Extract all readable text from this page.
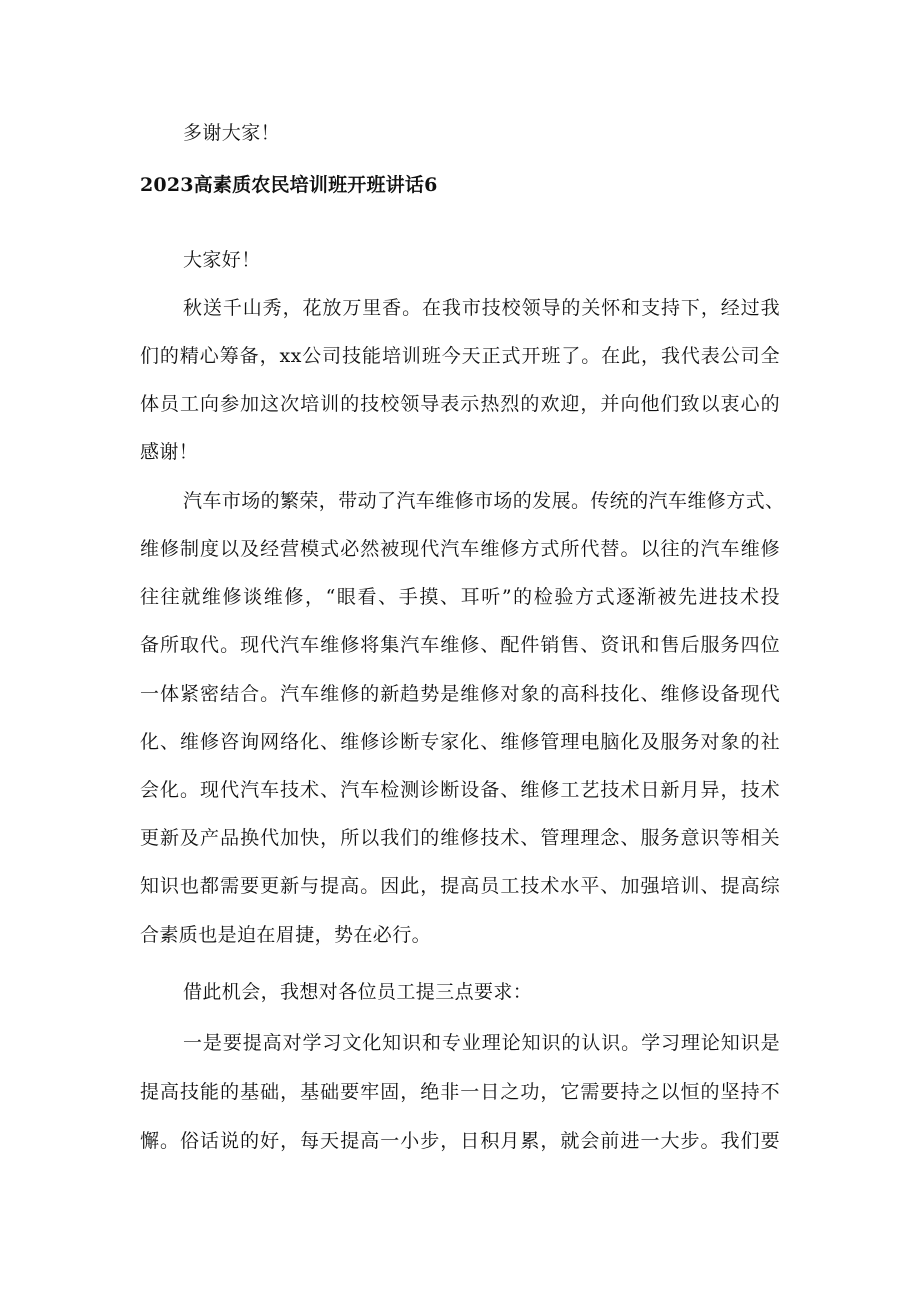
多谢大家！
2023高素质农民培训班开班讲话6
大家好！
秋送千山秀，花放万里香。在我市技校领导的关怀和支持下，经过我
们的精心筹备，xx公司技能培训班今天正式开班了。在此，我代表公司全
体员工向参加这次培训的技校领导表示热烈的欢迎，并向他们致以衷心的
感谢！
汽车市场的繁荣，带动了汽车维修市场的发展。传统的汽车维修方式、
维修制度以及经营模式必然被现代汽车维修方式所代替。以往的汽车维修
往往就维修谈维修，“眼看、手摸、耳听”的检验方式逐渐被先进技术投
备所取代。现代汽车维修将集汽车维修、配件销售、资讯和售后服务四位
一体紧密结合。汽车维修的新趋势是维修对象的高科技化、维修设备现代
化、维修咨询网络化、维修诊断专家化、维修管理电脑化及服务对象的社
会化。现代汽车技术、汽车检测诊断设备、维修工艺技术日新月异，技术
更新及产品换代加快，所以我们的维修技术、管理理念、服务意识等相关
知识也都需要更新与提高。因此，提高员工技术水平、加强培训、提高综
合素质也是迫在眉捷，势在必行。
借此机会，我想对各位员工提三点要求：
一是要提高对学习文化知识和专业理论知识的认识。学习理论知识是
提高技能的基础，基础要牢固，绝非一日之功，它需要持之以恒的坚持不
懈。俗话说的好，每天提高一小步，日积月累，就会前进一大步。我们要
